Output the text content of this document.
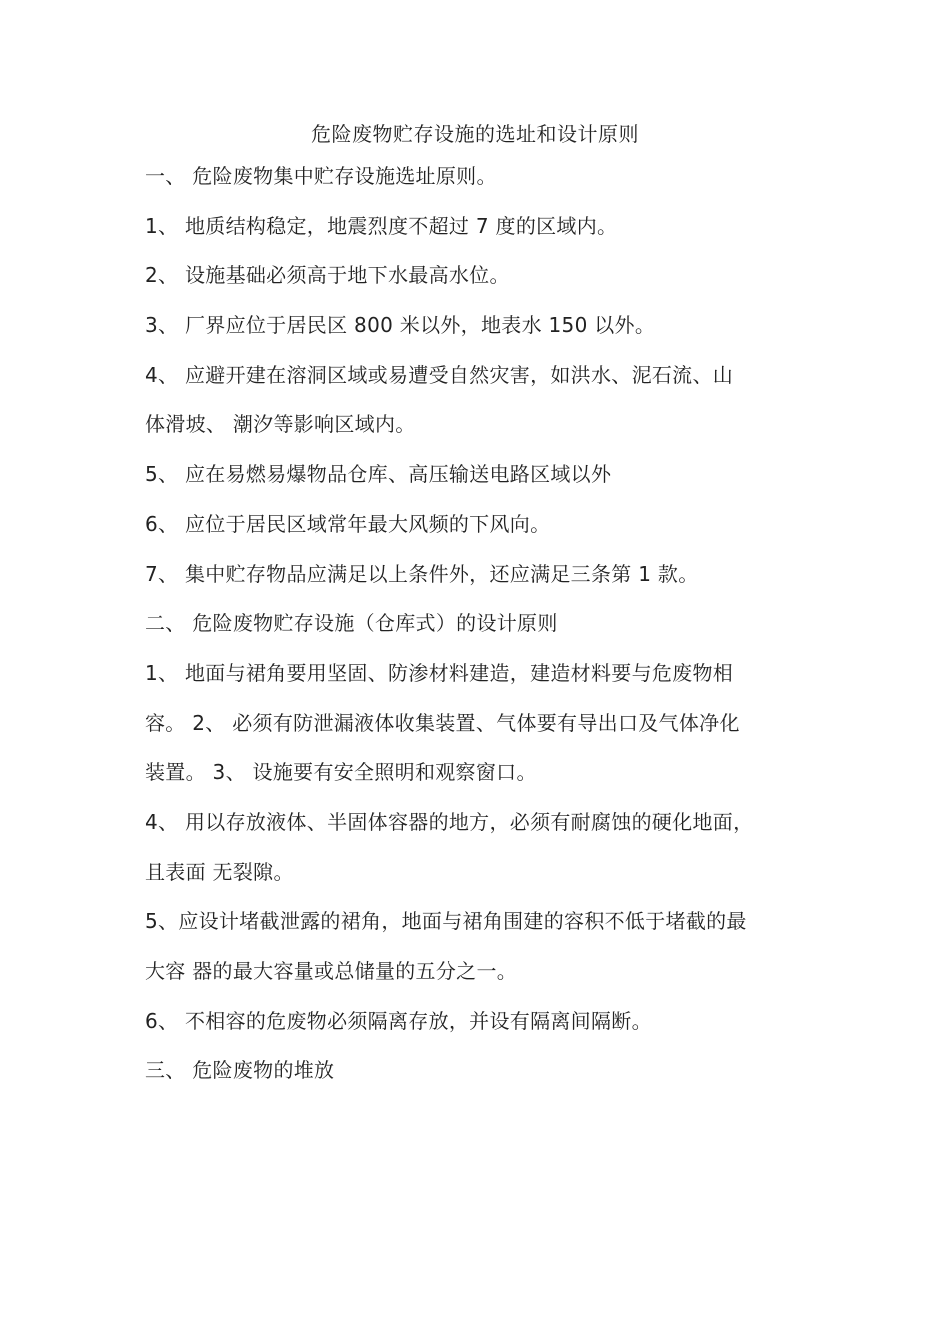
危险废物贮存设施的选址和设计原则
一、 危险废物集中贮存设施选址原则。
1、 地质结构稳定，地震烈度不超过 7 度的区域内。
2、 设施基础必须高于地下水最高水位。
3、 厂界应位于居民区 800 米以外，地表水 150 以外。
4、 应避开建在溶洞区域或易遭受自然灾害，如洪水、泥石流、山
体滑坡、 潮汐等影响区域内。
5、 应在易燃易爆物品仓库、高压输送电路区域以外
6、 应位于居民区域常年最大风频的下风向。
7、 集中贮存物品应满足以上条件外，还应满足三条第 1 款。
二、 危险废物贮存设施（仓库式）的设计原则
1、 地面与裙角要用坚固、防渗材料建造，建造材料要与危废物相
容。 2、 必须有防泄漏液体收集装置、气体要有导出口及气体净化
装置。 3、 设施要有安全照明和观察窗口。
4、 用以存放液体、半固体容器的地方，必须有耐腐蚀的硬化地面，
且表面 无裂隙。
5、应设计堵截泄露的裙角，地面与裙角围建的容积不低于堵截的最
大容 器的最大容量或总储量的五分之一。
6、 不相容的危废物必须隔离存放，并设有隔离间隔断。
三、 危险废物的堆放
